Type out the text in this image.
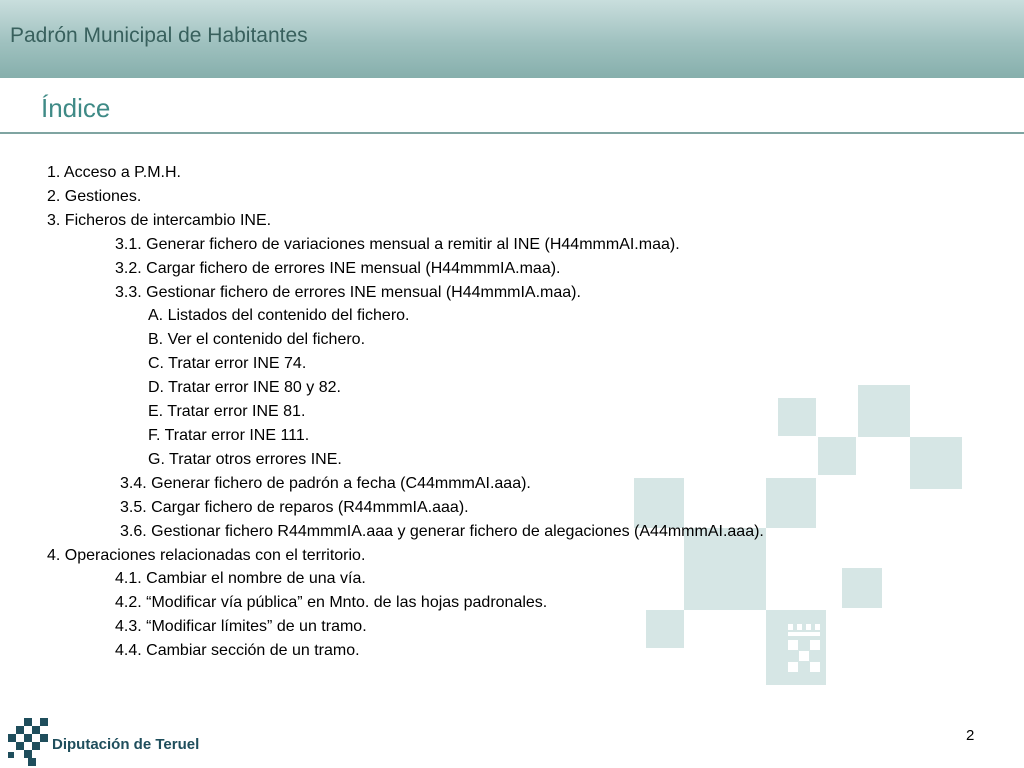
Padrón Municipal de Habitantes
Índice
1. Acceso a P.M.H.
2. Gestiones.
3. Ficheros de intercambio INE.
3.1. Generar fichero de variaciones mensual a remitir al INE (H44mmmAI.maa).
3.2. Cargar fichero de errores INE mensual (H44mmmIA.maa).
3.3. Gestionar fichero de errores INE mensual (H44mmmIA.maa).
A. Listados del contenido del fichero.
B. Ver el contenido del fichero.
C. Tratar error INE 74.
D. Tratar error INE 80 y 82.
E. Tratar error INE 81.
F. Tratar error INE 111.
G. Tratar otros errores INE.
3.4. Generar fichero de padrón a fecha (C44mmmAI.aaa).
3.5. Cargar fichero de reparos (R44mmmIA.aaa).
3.6. Gestionar fichero R44mmmIA.aaa y generar fichero de alegaciones (A44mmmAI.aaa).
4. Operaciones relacionadas con el territorio.
4.1. Cambiar el nombre de una vía.
4.2. “Modificar vía pública” en Mnto. de las hojas padronales.
4.3. “Modificar límites” de un tramo.
4.4. Cambiar sección de un tramo.
Diputación de Teruel
2
